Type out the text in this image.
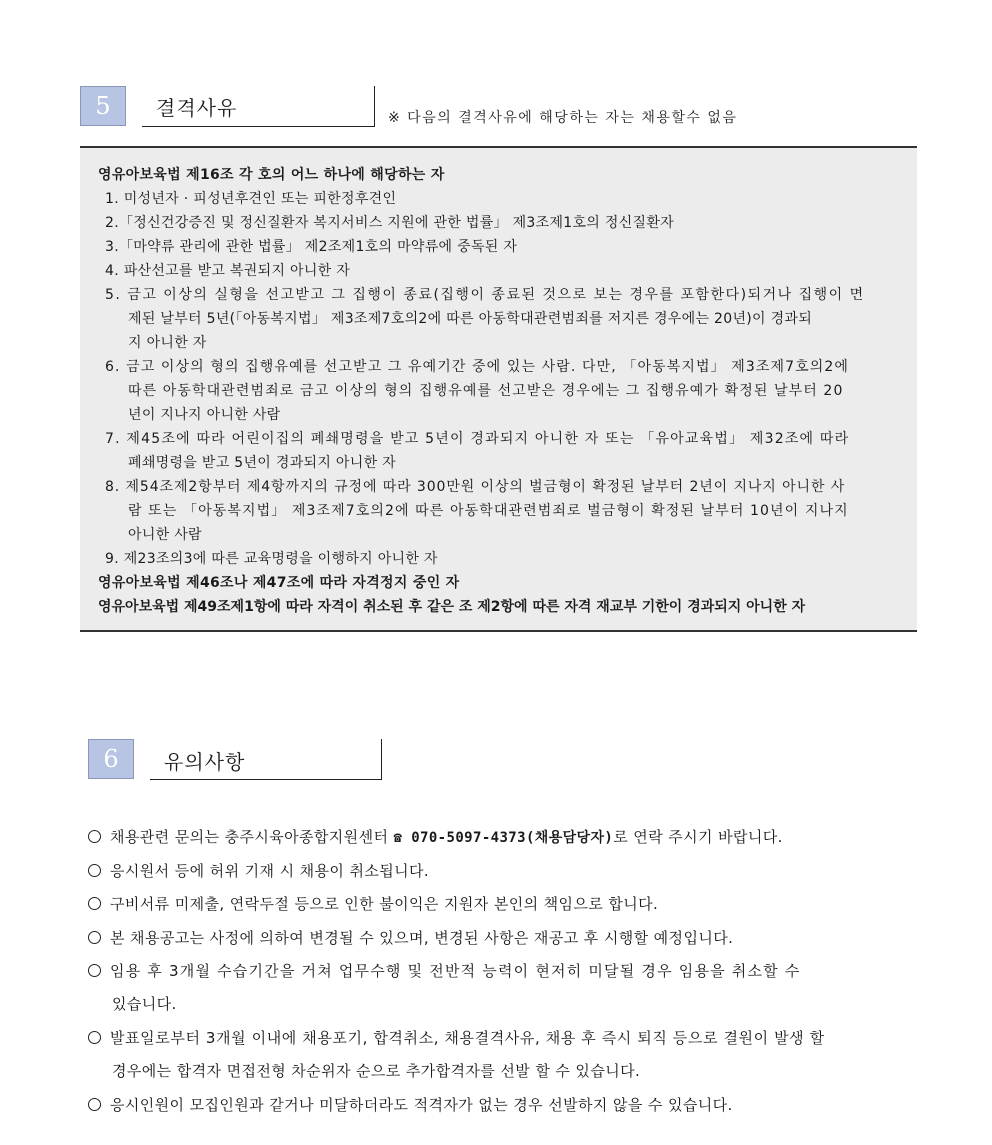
5	결격사유	※ 다음의 결격사유에 해당하는 자는 채용할수 없음
영유아보육법 제16조 각 호의 어느 하나에 해당하는 자
1. 미성년자 · 피성년후견인 또는 피한정후견인
2.「정신건강증진 및 정신질환자 복지서비스 지원에 관한 법률」 제3조제1호의 정신질환자
3.「마약류 관리에 관한 법률」 제2조제1호의 마약류에 중독된 자
4. 파산선고를 받고 복권되지 아니한 자
5. 금고 이상의 실형을 선고받고 그 집행이 종료(집행이 종료된 것으로 보는 경우를 포함한다)되거나 집행이 면
제된 날부터 5년(「아동복지법」 제3조제7호의2에 따른 아동학대관련범죄를 저지른 경우에는 20년)이 경과되
지 아니한 자
6. 금고 이상의 형의 집행유예를 선고받고 그 유예기간 중에 있는 사람. 다만, 「아동복지법」 제3조제7호의2에
따른 아동학대관련범죄로 금고 이상의 형의 집행유예를 선고받은 경우에는 그 집행유예가 확정된 날부터 20
년이 지나지 아니한 사람
7. 제45조에 따라 어린이집의 폐쇄명령을 받고 5년이 경과되지 아니한 자 또는 「유아교육법」 제32조에 따라
폐쇄명령을 받고 5년이 경과되지 아니한 자
8. 제54조제2항부터 제4항까지의 규정에 따라 300만원 이상의 벌금형이 확정된 날부터 2년이 지나지 아니한 사
람 또는 「아동복지법」 제3조제7호의2에 따른 아동학대관련범죄로 벌금형이 확정된 날부터 10년이 지나지
아니한 사람
9. 제23조의3에 따른 교육명령을 이행하지 아니한 자
영유아보육법 제46조나 제47조에 따라 자격정지 중인 자
영유아보육법 제49조제1항에 따라 자격이 취소된 후 같은 조 제2항에 따른 자격 재교부 기한이 경과되지 아니한 자
6	유의사항
채용관련 문의는 충주시육아종합지원센터 ☎ 070-5097-4373(채용담당자)로 연락 주시기 바랍니다.
응시원서 등에 허위 기재 시 채용이 취소됩니다.
구비서류 미제출, 연락두절 등으로 인한 불이익은 지원자 본인의 책임으로 합니다.
본 채용공고는 사정에 의하여 변경될 수 있으며, 변경된 사항은 재공고 후 시행할 예정입니다.
임용 후 3개월 수습기간을 거쳐 업무수행 및 전반적 능력이 현저히 미달될 경우 임용을 취소할 수
있습니다.
발표일로부터 3개월 이내에 채용포기, 합격취소, 채용결격사유, 채용 후 즉시 퇴직 등으로 결원이 발생 할
경우에는 합격자 면접전형 차순위자 순으로 추가합격자를 선발 할 수 있습니다.
응시인원이 모집인원과 같거나 미달하더라도 적격자가 없는 경우 선발하지 않을 수 있습니다.
